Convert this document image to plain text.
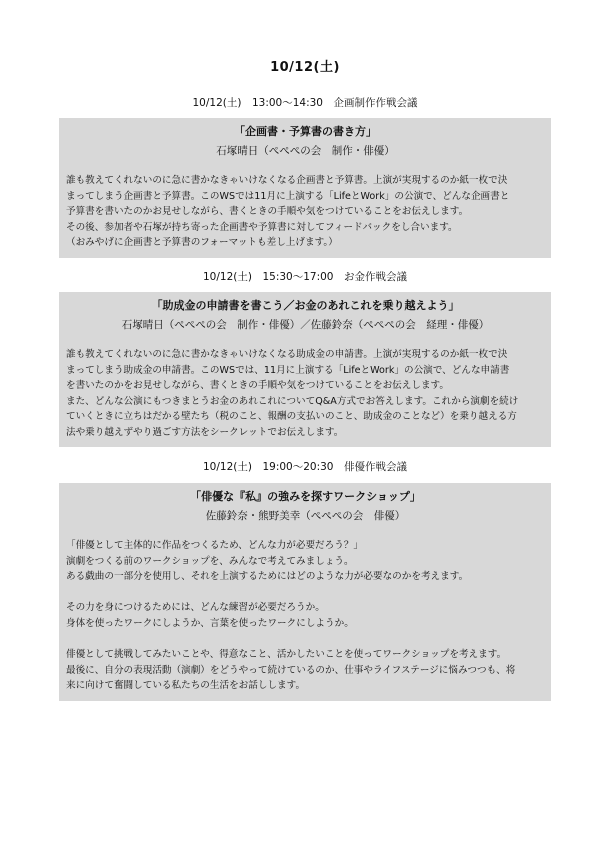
10/12(土)
10/12(土)　13:00〜14:30　企画制作作戦会議
「企画書・予算書の書き方」
石塚晴日（ぺぺぺの会　制作・俳優）
誰も教えてくれないのに急に書かなきゃいけなくなる企画書と予算書。上演が実現するのか紙一枚で決
まってしまう企画書と予算書。このWSでは11月に上演する「LifeとWork」の公演で、どんな企画書と
予算書を書いたのかお見せしながら、書くときの手順や気をつけていることをお伝えします。
その後、参加者や石塚が持ち寄った企画書や予算書に対してフィードバックをし合います。
（おみやげに企画書と予算書のフォーマットも差し上げます。）
10/12(土)　15:30〜17:00　お金作戦会議
「助成金の申請書を書こう／お金のあれこれを乗り越えよう」
石塚晴日（ぺぺぺの会　制作・俳優）／佐藤鈴奈（ぺぺぺの会　経理・俳優）
誰も教えてくれないのに急に書かなきゃいけなくなる助成金の申請書。上演が実現するのか紙一枚で決
まってしまう助成金の申請書。このWSでは、11月に上演する「LifeとWork」の公演で、どんな申請書
を書いたのかをお見せしながら、書くときの手順や気をつけていることをお伝えします。
また、どんな公演にもつきまとうお金のあれこれについてQ&A方式でお答えします。これから演劇を続け
ていくときに立ちはだかる壁たち（税のこと、報酬の支払いのこと、助成金のことなど）を乗り越える方
法や乗り越えずやり過ごす方法をシークレットでお伝えします。
10/12(土)　19:00〜20:30　俳優作戦会議
「俳優な『私』の強みを探すワークショップ」
佐藤鈴奈・熊野美幸（ぺぺぺの会　俳優）
「俳優として主体的に作品をつくるため、どんな力が必要だろう？」
演劇をつくる前のワークショップを、みんなで考えてみましょう。
ある戯曲の一部分を使用し、それを上演するためにはどのような力が必要なのかを考えます。
その力を身につけるためには、どんな練習が必要だろうか。
身体を使ったワークにしようか、言葉を使ったワークにしようか。
俳優として挑戦してみたいことや、得意なこと、活かしたいことを使ってワークショップを考えます。
最後に、自分の表現活動（演劇）をどうやって続けているのか、仕事やライフステージに悩みつつも、将
来に向けて奮闘している私たちの生活をお話しします。
